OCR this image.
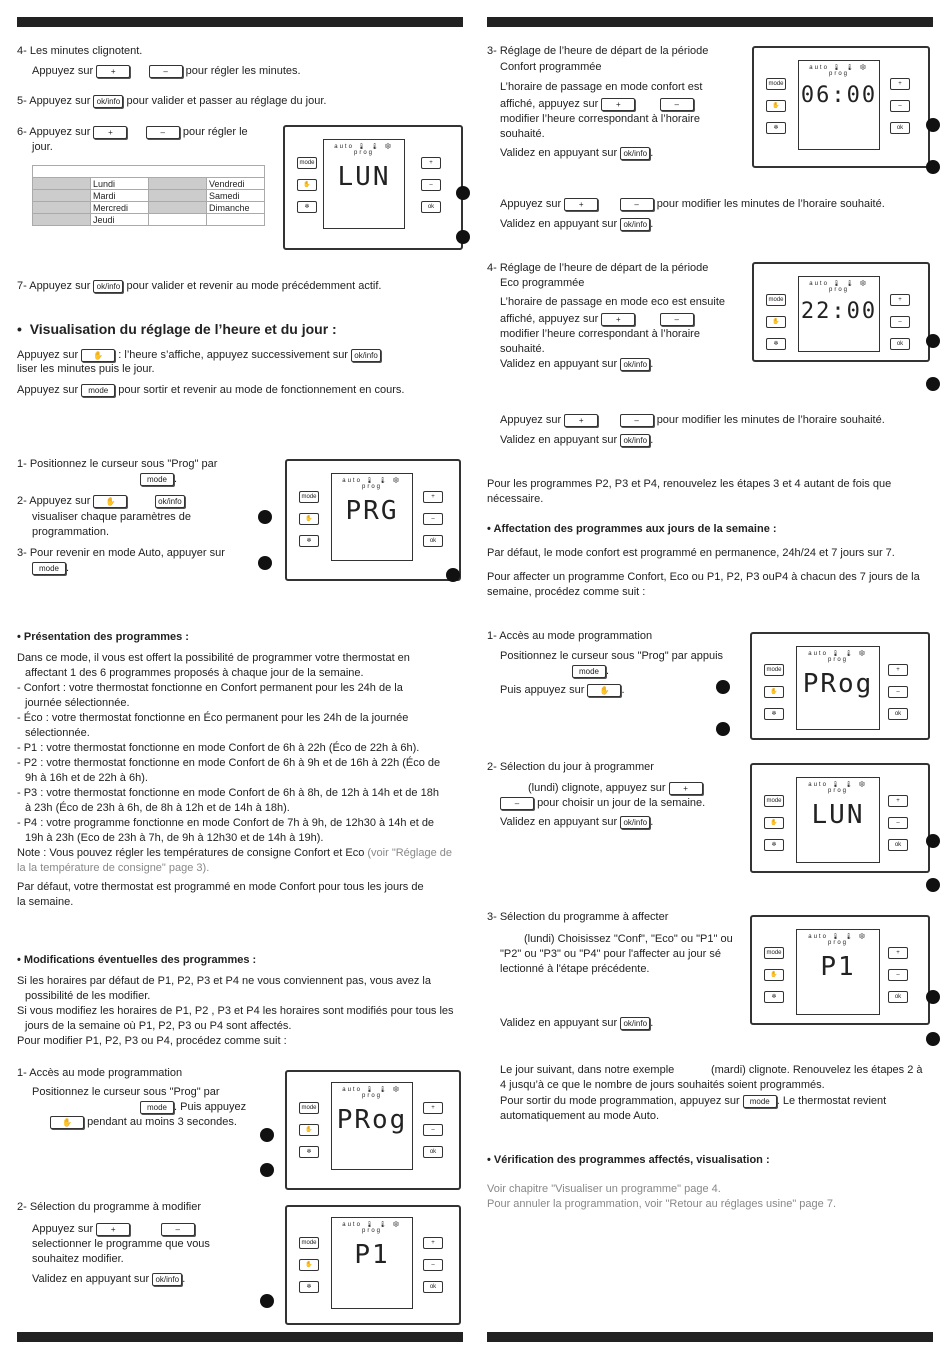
4- Les minutes clignotent.
Appuyez sur +	– pour régler les minutes.
5- Appuyez sur ok/info pour valider et passer au réglage du jour.
6- Appuyez sur +	– pour régler le
jour.

	Lundi		Vendredi
	Mardi		Samedi
	Mercredi		Dimanche
	Jeudi		
auto 🌡 🌡 ❄ prog
LUN
mode
✋
❄
+
–
ok
7- Appuyez sur ok/info pour valider et revenir au mode précédemment actif.
•  Visualisation du réglage de l’heure et du jour :
Appuyez sur ✋ : l’heure s’affiche, appuyez successivement sur ok/info
liser les minutes puis le jour.
Appuyez sur mode pour sortir et revenir au mode de fonctionnement en cours.
1- Positionnez le curseur sous "Prog" par
mode .
2- Appuyez sur ✋	ok/info
visualiser chaque paramètres de
programmation.
3- Pour revenir en mode Auto, appuyer sur
mode .
auto 🌡 🌡 ❄ prog
PRG
mode
✋
❄
+
–
ok
• Présentation des programmes :
Dans ce mode, il vous est offert la possibilité de programmer votre thermostat en
affectant 1 des 6 programmes proposés à chaque jour de la semaine.
- Confort : votre thermostat fonctionne en Confort permanent pour les 24h de la
journée sélectionnée.
- Éco : votre thermostat fonctionne en Éco permanent pour les 24h de la journée
sélectionnée.
- P1 : votre thermostat fonctionne en mode Confort de 6h à 22h (Éco de 22h à 6h).
- P2 : votre thermostat fonctionne en mode Confort de 6h à 9h et de 16h à 22h (Éco de
9h à 16h et de 22h à 6h).
- P3 : votre thermostat fonctionne en mode Confort de 6h à 8h, de 12h à 14h et de 18h
à 23h (Éco de 23h à 6h, de 8h à 12h et de 14h à 18h).
- P4 : votre programme fonctionne en mode Confort de 7h à 9h, de 12h30 à 14h et de
19h à 23h (Eco de 23h à 7h, de 9h à 12h30 et de 14h à 19h).
Note : Vous pouvez régler les températures de consigne Confort et Eco (voir "Réglage de
la la température de consigne" page 3).
Par défaut, votre thermostat est programmé en mode Confort pour tous les jours de
la semaine.
• Modifications éventuelles des programmes :
Si les horaires par défaut de P1, P2, P3 et P4 ne vous conviennent pas, vous avez la
possibilité de les modifier.
Si vous modifiez les horaires de P1, P2 , P3 et P4 les horaires sont modifiés pour tous les
jours de la semaine où P1, P2, P3 ou P4 sont affectés.
Pour modifier P1, P2, P3 ou P4, procédez comme suit :
1- Accès au mode programmation
Positionnez le curseur sous "Prog" par
mode . Puis appuyez
✋ pendant au moins 3 secondes.
auto 🌡 🌡 ❄ prog
PRog
mode
✋
❄
+
–
ok
2- Sélection du programme à modifier
Appuyez sur +	–
selectionner le programme que vous
souhaitez modifier.
Validez en appuyant sur ok/info .
auto 🌡 🌡 ❄ prog
P1
mode
✋
❄
+
–
ok
3- Réglage de l’heure de départ de la période
Confort programmée
L’horaire de passage en mode confort est
affiché, appuyez sur +	–
modifier l’heure correspondant à l’horaire
souhaité.
Validez en appuyant sur ok/info .
auto 🌡 🌡 ❄ prog
06:00
mode
✋
❄
+
–
ok
Appuyez sur +	– pour modifier les minutes de l’horaire souhaité.
Validez en appuyant sur ok/info .
4- Réglage de l’heure de départ de la période
Eco programmée
L’horaire de passage en mode eco est ensuite
affiché, appuyez sur +	–
modifier l’heure correspondant à l’horaire
souhaité.
Validez en appuyant sur ok/info .
auto 🌡 🌡 ❄ prog
22:00
mode
✋
❄
+
–
ok
Appuyez sur +	– pour modifier les minutes de l’horaire souhaité.
Validez en appuyant sur ok/info .
Pour les programmes P2, P3 et P4, renouvelez les étapes 3 et 4 autant de fois que
nécessaire.
• Affectation des programmes aux jours de la semaine :
Par défaut, le mode confort est programmé en permanence, 24h/24 et 7 jours sur 7.
Pour affecter un programme Confort, Eco ou P1, P2, P3 ouP4 à chacun des 7 jours de la
semaine, procédez comme suit :
1- Accès au mode programmation
Positionnez le curseur sous "Prog" par appuis
mode .
Puis appuyez sur ✋ .
auto 🌡 🌡 ❄ prog
PRog
mode
✋
❄
+
–
ok
2- Sélection du jour à programmer
(lundi) clignote, appuyez sur +
– pour choisir un jour de la semaine.
Validez en appuyant sur ok/info .
auto 🌡 🌡 ❄ prog
LUN
mode
✋
❄
+
–
ok
3- Sélection du programme à affecter
(lundi) Choisissez "Conf", "Eco" ou "P1" ou
"P2" ou "P3" ou "P4" pour l'affecter au jour sé
lectionné à l'étape précédente.
Validez en appuyant sur ok/info .
auto 🌡 🌡 ❄ prog
P1
mode
✋
❄
+
–
ok
Le jour suivant, dans notre exemple	(mardi) clignote. Renouvelez les étapes 2 à
4 jusqu’à ce que le nombre de jours souhaités soient programmés.
Pour sortir du mode programmation, appuyez sur mode . Le thermostat revient
automatiquement au mode Auto.
• Vérification des programmes affectés, visualisation :
Voir chapitre "Visualiser un programme" page 4.
Pour annuler la programmation, voir "Retour au réglages usine" page 7.
